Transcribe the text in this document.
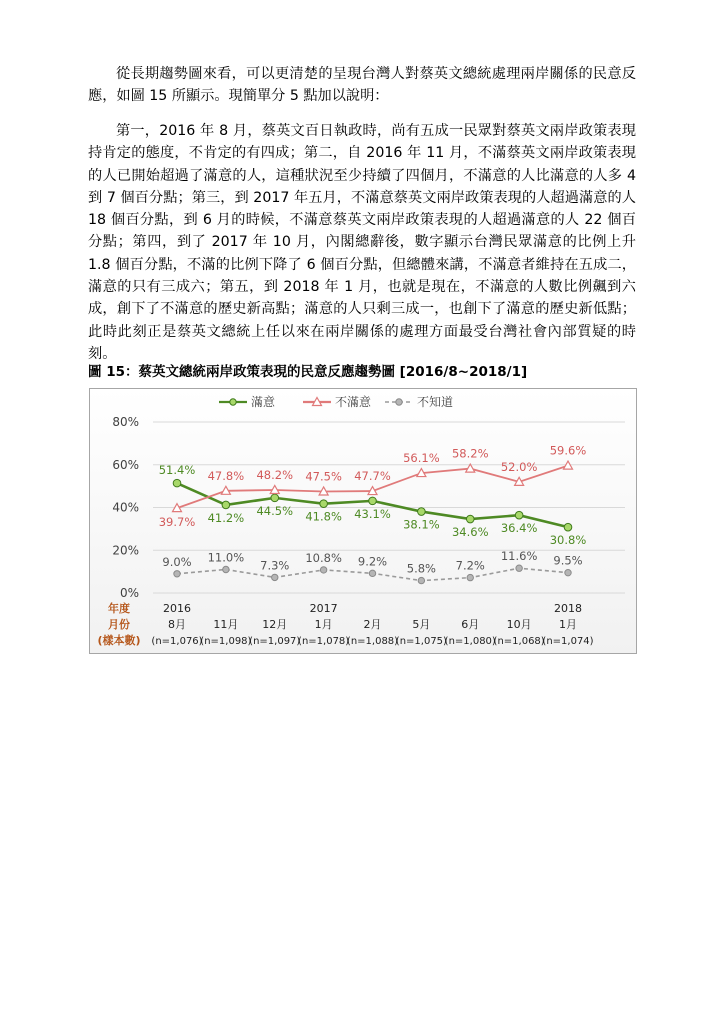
從長期趨勢圖來看，可以更清楚的呈現台灣人對蔡英文總統處理兩岸關係的民意反應，如圖 15 所顯示。現簡單分 5 點加以說明：

第一，2016 年 8 月，蔡英文百日執政時，尚有五成一民眾對蔡英文兩岸政策表現持肯定的態度，不肯定的有四成；第二，自 2016 年 11 月，不滿蔡英文兩岸政策表現的人已開始超過了滿意的人，這種狀況至少持續了四個月，不滿意的人比滿意的人多 4 到 7 個百分點；第三，到 2017 年五月，不滿意蔡英文兩岸政策表現的人超過滿意的人 18 個百分點，到 6 月的時候，不滿意蔡英文兩岸政策表現的人超過滿意的人 22 個百分點；第四，到了 2017 年 10 月，內閣總辭後，數字顯示台灣民眾滿意的比例上升 1.8 個百分點，不滿的比例下降了 6 個百分點，但總體來講，不滿意者維持在五成二，滿意的只有三成六；第五，到 2018 年 1 月，也就是現在，不滿意的人數比例飆到六成，創下了不滿意的歷史新高點；滿意的人只剩三成一，也創下了滿意的歷史新低點；此時此刻正是蔡英文總統上任以來在兩岸關係的處理方面最受台灣社會內部質疑的時刻。

圖 15：蔡英文總統兩岸政策表現的民意反應趨勢圖 [2016/8~2018/1]
滿意	不滿意	不知道
0%
20%
40%
60%
80%
51.4%
41.2%
44.5% 41.8% 43.1%
38.1%
34.6% 36.4%
30.8%
39.7%
47.8% 48.2% 47.5% 47.7%
56.1% 58.2%
52.0%
59.6%
9.0% 11.0%
7.3%
10.8% 9.2%
5.8% 7.2%
11.6% 9.5%
年度
月份
(樣本數)
2016
8月
(n=1,076)
11月
(n=1,098)
12月
(n=1,097)
2017
1月
(n=1,078)
2月
(n=1,088)
5月
(n=1,075)
6月
(n=1,080)
10月
(n=1,068)
2018
1月
(n=1,074)
